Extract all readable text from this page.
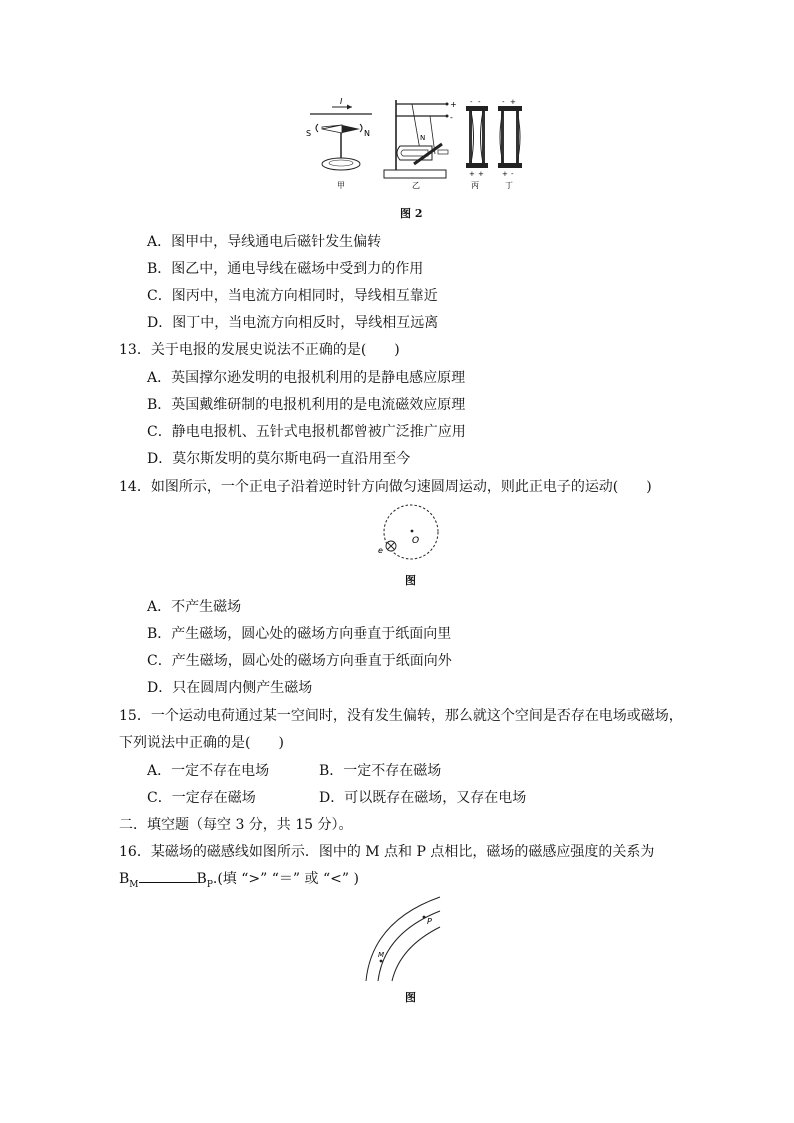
I
S	N
甲
+
-
N
乙
- -
+ +
丙
- +
+ -
丁
图 2
A．图甲中，导线通电后磁针发生偏转
B．图乙中，通电导线在磁场中受到力的作用
C．图丙中，当电流方向相同时，导线相互靠近
D．图丁中，当电流方向相反时，导线相互远离
13．关于电报的发展史说法不正确的是(　　)
A．英国撑尔逊发明的电报机利用的是静电感应原理
B．英国戴维研制的电报机利用的是电流磁效应原理
C．静电电报机、五针式电报机都曾被广泛推广应用
D．莫尔斯发明的莫尔斯电码一直沿用至今
14．如图所示，一个正电子沿着逆时针方向做匀速圆周运动，则此正电子的运动(　　)
O
e
图
A．不产生磁场
B．产生磁场，圆心处的磁场方向垂直于纸面向里
C．产生磁场，圆心处的磁场方向垂直于纸面向外
D．只在圆周内侧产生磁场
15．一个运动电荷通过某一空间时，没有发生偏转，那么就这个空间是否存在电场或磁场，
下列说法中正确的是(　　)
A．一定不存在电场	B．一定不存在磁场
C．一定存在磁场	D．可以既存在磁场，又存在电场
二．填空题（每空 3 分，共 15 分）。
16．某磁场的磁感线如图所示．图中的 M 点和 P 点相比，磁场的磁感应强度的关系为
$B_M$	$B_P$.(填 “>” “＝” 或 “<” )
P
M
图
